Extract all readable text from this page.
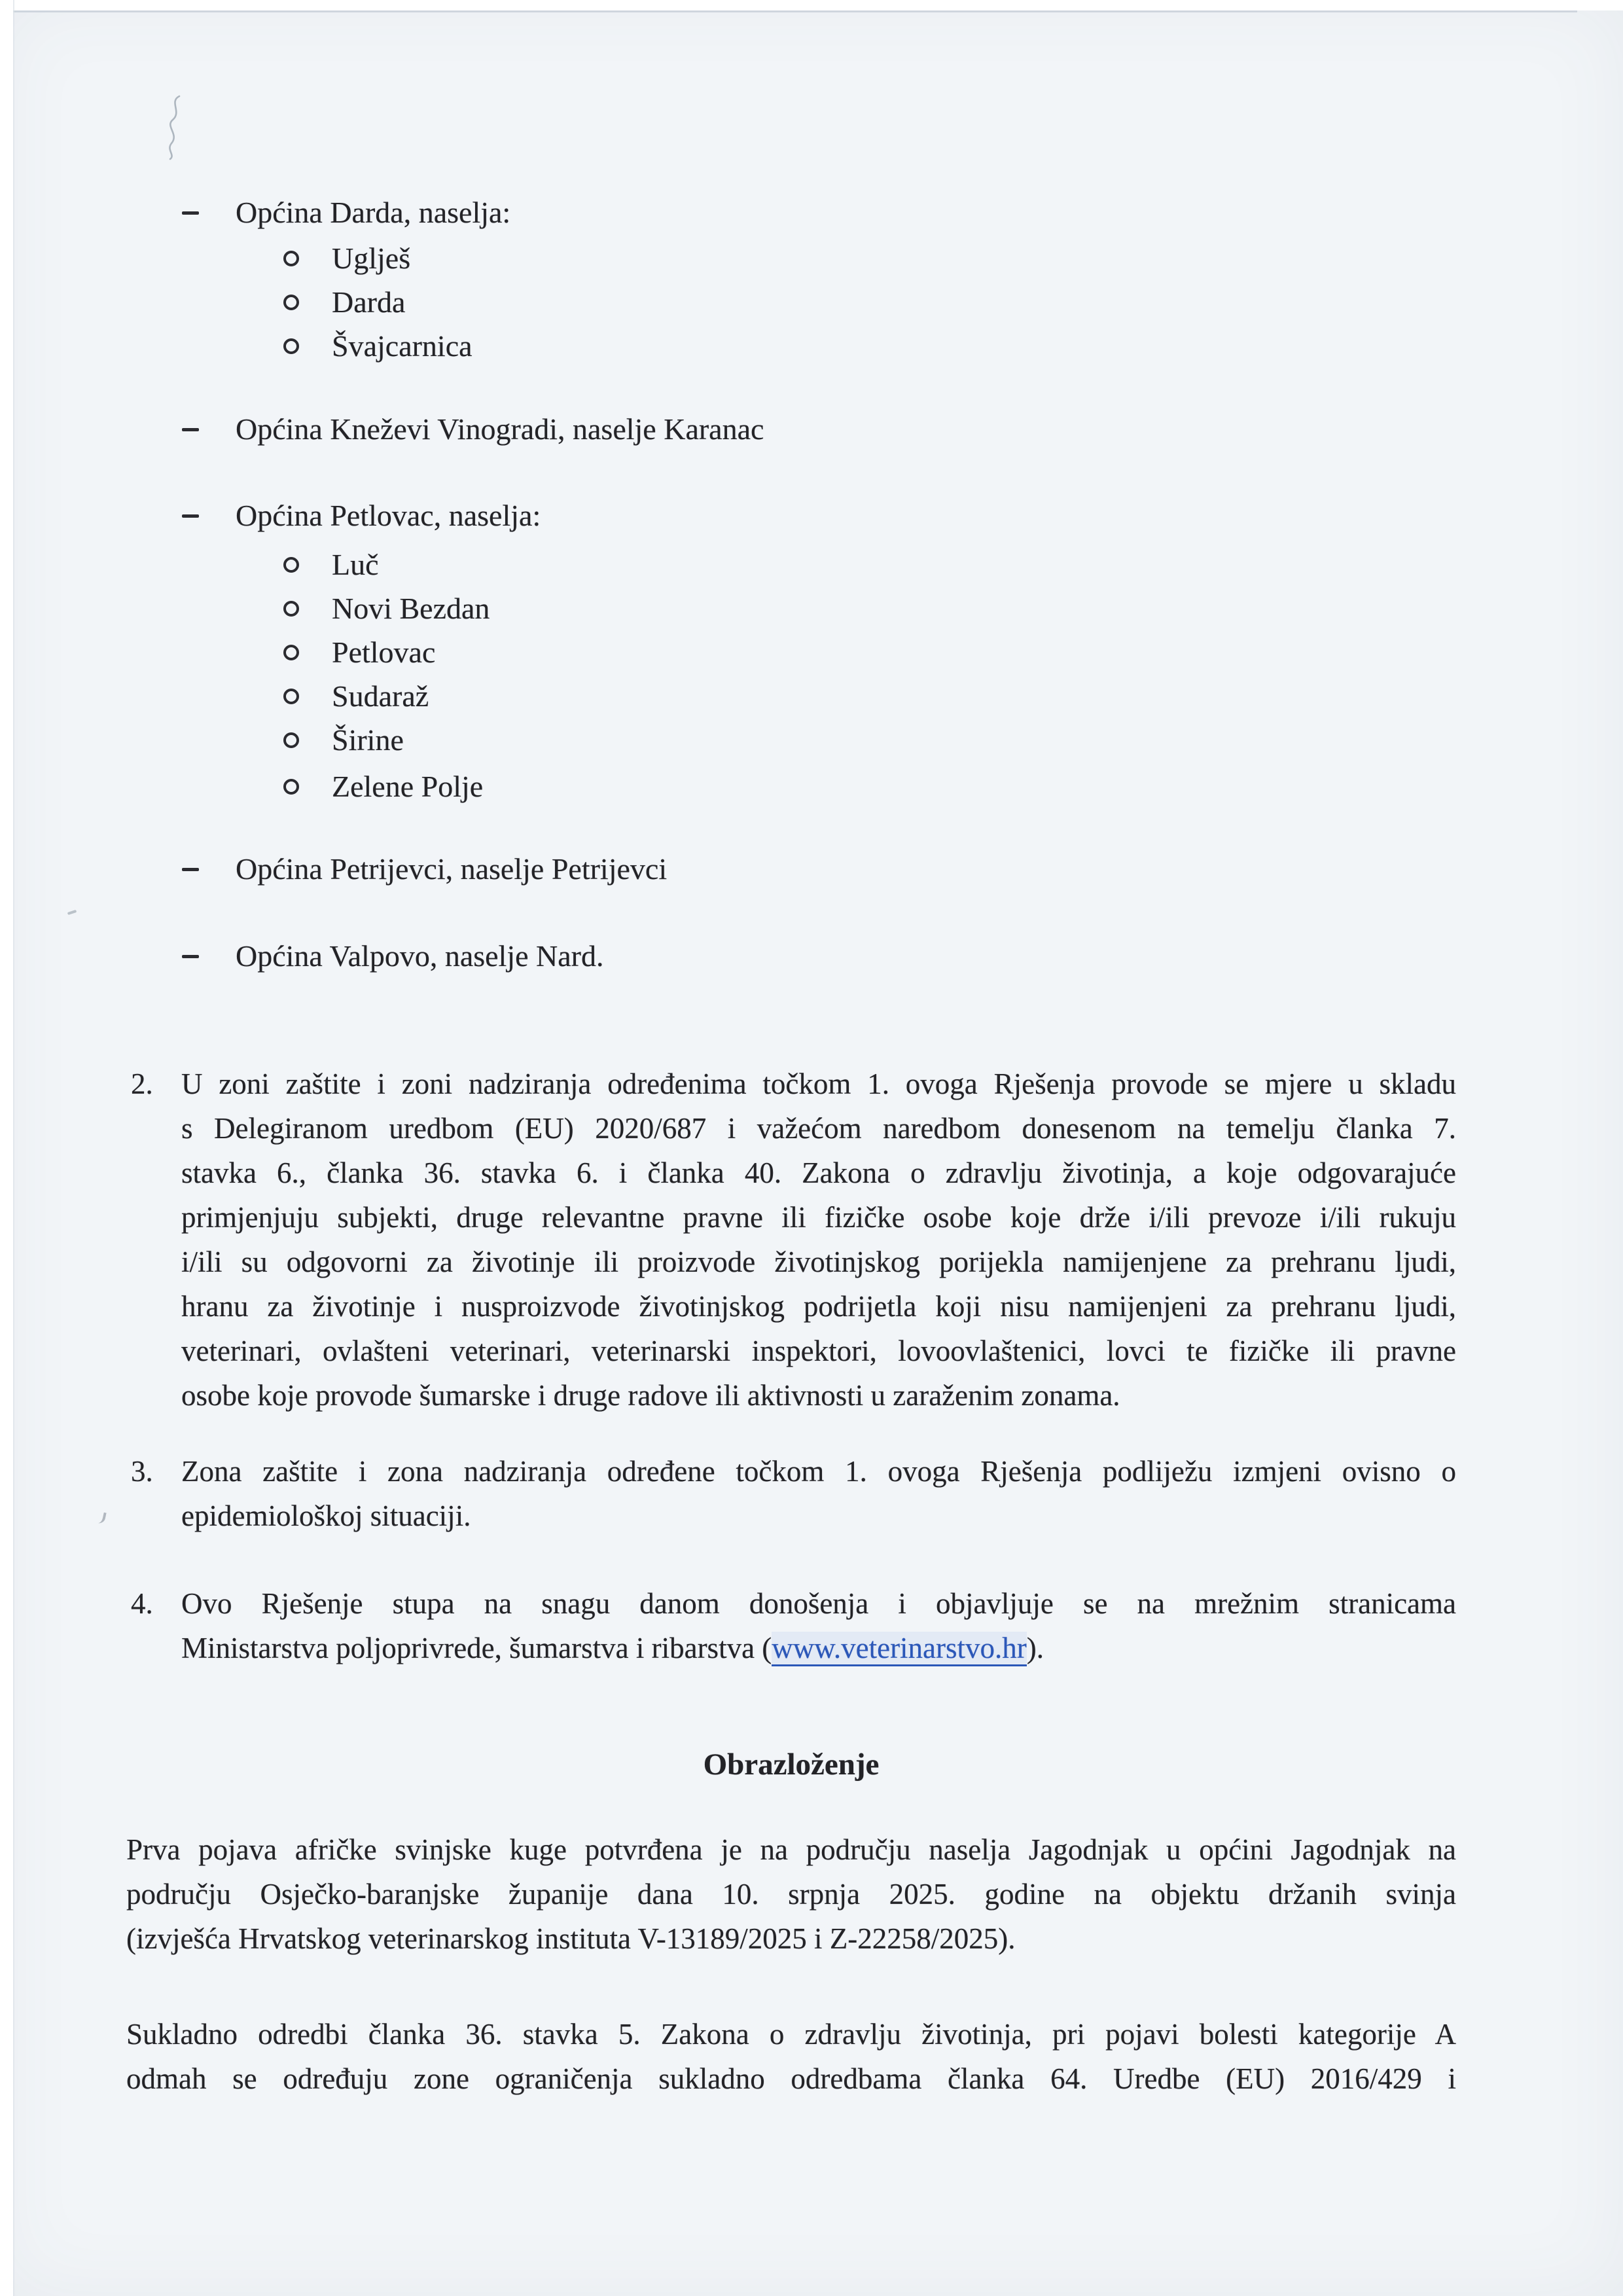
Općina Darda, naselja:
Uglješ
Darda
Švajcarnica
Općina Kneževi Vinogradi, naselje Karanac
Općina Petlovac, naselja:
Luč
Novi Bezdan
Petlovac
Sudaraž
Širine
Zelene Polje
Općina Petrijevci, naselje Petrijevci
Općina Valpovo, naselje Nard.
2. U zoni zaštite i zoni nadziranja određenima točkom 1. ovoga Rješenja provode se mjere u skladu
s Delegiranom uredbom (EU) 2020/687 i važećom naredbom donesenom na temelju članka 7.
stavka 6., članka 36. stavka 6. i članka 40. Zakona o zdravlju životinja, a koje odgovarajuće
primjenjuju subjekti, druge relevantne pravne ili fizičke osobe koje drže i/ili prevoze i/ili rukuju
i/ili su odgovorni za životinje ili proizvode životinjskog porijekla namijenjene za prehranu ljudi,
hranu za životinje i nusproizvode životinjskog podrijetla koji nisu namijenjeni za prehranu ljudi,
veterinari, ovlašteni veterinari, veterinarski inspektori, lovoovlaštenici, lovci te fizičke ili pravne
osobe koje provode šumarske i druge radove ili aktivnosti u zaraženim zonama.
3. Zona zaštite i zona nadziranja određene točkom 1. ovoga Rješenja podliježu izmjeni ovisno o
epidemiološkoj situaciji.
4. Ovo Rješenje stupa na snagu danom donošenja i objavljuje se na mrežnim stranicama
Ministarstva poljoprivrede, šumarstva i ribarstva (www.veterinarstvo.hr).
Obrazloženje
Prva pojava afričke svinjske kuge potvrđena je na području naselja Jagodnjak u općini Jagodnjak na
području Osječko-baranjske županije dana 10. srpnja 2025. godine na objektu držanih svinja
(izvješća Hrvatskog veterinarskog instituta V-13189/2025 i Z-22258/2025).
Sukladno odredbi članka 36. stavka 5. Zakona o zdravlju životinja, pri pojavi bolesti kategorije A
odmah se određuju zone ograničenja sukladno odredbama članka 64. Uredbe (EU) 2016/429 i
